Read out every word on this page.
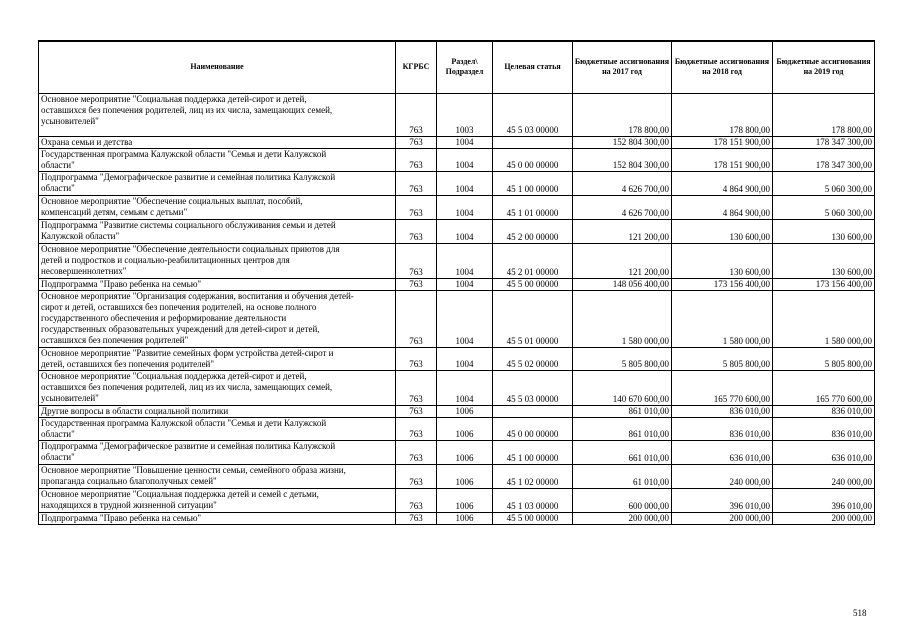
Наименование	КГРБС	Раздел\ Подраздел	Целевая статья	Бюджетные ассигнования на 2017 год	Бюджетные ассигнования на 2018 год	Бюджетные ассигнования на 2019 год
Основное мероприятие "Социальная поддержка детей-сирот и детей,
оставшихся без попечения родителей, лиц из их числа, замещающих семей,
усыновителей"	763	1003	45 5 03 00000	178 800,00	178 800,00	178 800,00
Охрана семьи и детства	763	1004		152 804 300,00	178 151 900,00	178 347 300,00
Государственная программа Калужской области "Семья и дети Калужской
области"	763	1004	45 0 00 00000	152 804 300,00	178 151 900,00	178 347 300,00
Подпрограмма "Демографическое развитие и семейная политика Калужской
области"	763	1004	45 1 00 00000	4 626 700,00	4 864 900,00	5 060 300,00
Основное мероприятие "Обеспечение социальных выплат, пособий,
компенсаций детям, семьям с детьми"	763	1004	45 1 01 00000	4 626 700,00	4 864 900,00	5 060 300,00
Подпрограмма "Развитие системы социального обслуживания семьи и детей
Калужской области"	763	1004	45 2 00 00000	121 200,00	130 600,00	130 600,00
Основное мероприятие "Обеспечение деятельности социальных приютов для
детей и подростков и социально-реабилитационных центров для
несовершеннолетних"	763	1004	45 2 01 00000	121 200,00	130 600,00	130 600,00
Подпрограмма "Право ребенка на семью"	763	1004	45 5 00 00000	148 056 400,00	173 156 400,00	173 156 400,00
Основное мероприятие "Организация содержания, воспитания и обучения детей-
сирот и детей, оставшихся без попечения родителей, на основе полного
государственного обеспечения и реформирование деятельности
государственных образовательных учреждений для детей-сирот и детей,
оставшихся без попечения родителей"	763	1004	45 5 01 00000	1 580 000,00	1 580 000,00	1 580 000,00
Основное мероприятие "Развитие семейных форм устройства детей-сирот и
детей, оставшихся без попечения родителей"	763	1004	45 5 02 00000	5 805 800,00	5 805 800,00	5 805 800,00
Основное мероприятие "Социальная поддержка детей-сирот и детей,
оставшихся без попечения родителей, лиц из их числа, замещающих семей,
усыновителей"	763	1004	45 5 03 00000	140 670 600,00	165 770 600,00	165 770 600,00
Другие вопросы в области социальной политики	763	1006		861 010,00	836 010,00	836 010,00
Государственная программа Калужской области "Семья и дети Калужской
области"	763	1006	45 0 00 00000	861 010,00	836 010,00	836 010,00
Подпрограмма "Демографическое развитие и семейная политика Калужской
области"	763	1006	45 1 00 00000	661 010,00	636 010,00	636 010,00
Основное мероприятие "Повышение ценности семьи, семейного образа жизни,
пропаганда социально благополучных семей"	763	1006	45 1 02 00000	61 010,00	240 000,00	240 000,00
Основное мероприятие "Социальная поддержка детей и семей с детьми,
находящихся в трудной жизненной ситуации"	763	1006	45 1 03 00000	600 000,00	396 010,00	396 010,00
Подпрограмма "Право ребенка на семью"	763	1006	45 5 00 00000	200 000,00	200 000,00	200 000,00
518
